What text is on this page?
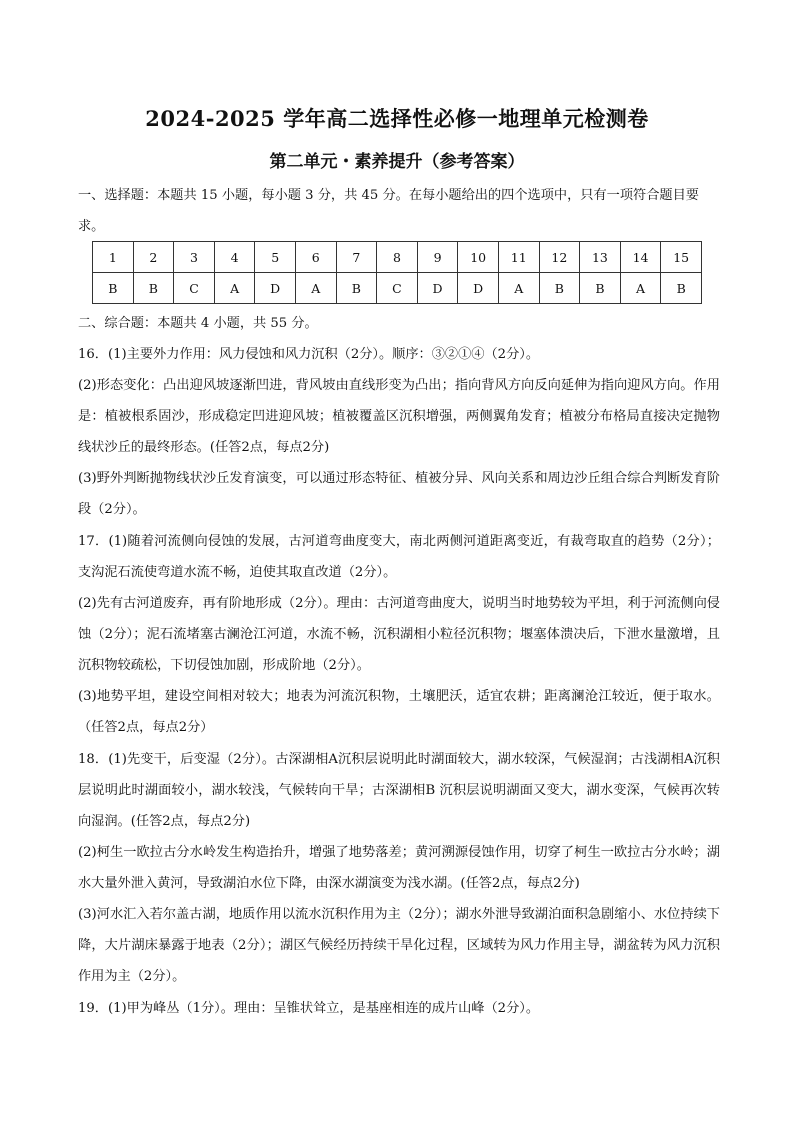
2024-2025 学年高二选择性必修一地理单元检测卷
第二单元・素养提升（参考答案）
一、选择题：本题共 15 小题，每小题 3 分，共 45 分。在每小题给出的四个选项中，只有一项符合题目要求。
1	2	3	4	5	6	7	8	9	10	11	12	13	14	15
B	B	C	A	D	A	B	C	D	D	A	B	B	A	B
二、综合题：本题共 4 小题，共 55 分。
16．(1)主要外力作用：风力侵蚀和风力沉积（2分）。顺序：③②①④（2分）。
(2)形态变化：凸出迎风坡逐渐凹进，背风坡由直线形变为凸出；指向背风方向反向延伸为指向迎风方向。作用是：植被根系固沙，形成稳定凹进迎风坡；植被覆盖区沉积增强，两侧翼角发育；植被分布格局直接决定抛物线状沙丘的最终形态。(任答2点，每点2分)
(3)野外判断抛物线状沙丘发育演变，可以通过形态特征、植被分异、风向关系和周边沙丘组合综合判断发育阶段（2分）。
17．(1)随着河流侧向侵蚀的发展，古河道弯曲度变大，南北两侧河道距离变近，有裁弯取直的趋势（2分）；支沟泥石流使弯道水流不畅，迫使其取直改道（2分）。
(2)先有古河道废弃，再有阶地形成（2分）。理由：古河道弯曲度大，说明当时地势较为平坦，利于河流侧向侵蚀（2分）；泥石流堵塞古澜沧江河道，水流不畅，沉积湖相小粒径沉积物；堰塞体溃决后，下泄水量激增，且沉积物较疏松，下切侵蚀加剧，形成阶地（2分）。
(3)地势平坦，建设空间相对较大；地表为河流沉积物，土壤肥沃，适宜农耕；距离澜沧江较近，便于取水。（任答2点，每点2分）
18．(1)先变干，后变湿（2分）。古深湖相A沉积层说明此时湖面较大，湖水较深，气候湿润；古浅湖相A沉积层说明此时湖面较小，湖水较浅，气候转向干旱；古深湖相B 沉积层说明湖面又变大，湖水变深，气候再次转向湿润。(任答2点，每点2分)
(2)柯生一欧拉古分水岭发生构造抬升，增强了地势落差；黄河溯源侵蚀作用，切穿了柯生一欧拉古分水岭；湖水大量外泄入黄河，导致湖泊水位下降，由深水湖演变为浅水湖。(任答2点，每点2分)
(3)河水汇入若尔盖古湖，地质作用以流水沉积作用为主（2分）；湖水外泄导致湖泊面积急剧缩小、水位持续下降，大片湖床暴露于地表（2分）；湖区气候经历持续干旱化过程，区域转为风力作用主导，湖盆转为风力沉积作用为主（2分）。
19．(1)甲为峰丛（1分）。理由：呈锥状耸立，是基座相连的成片山峰（2分）。
